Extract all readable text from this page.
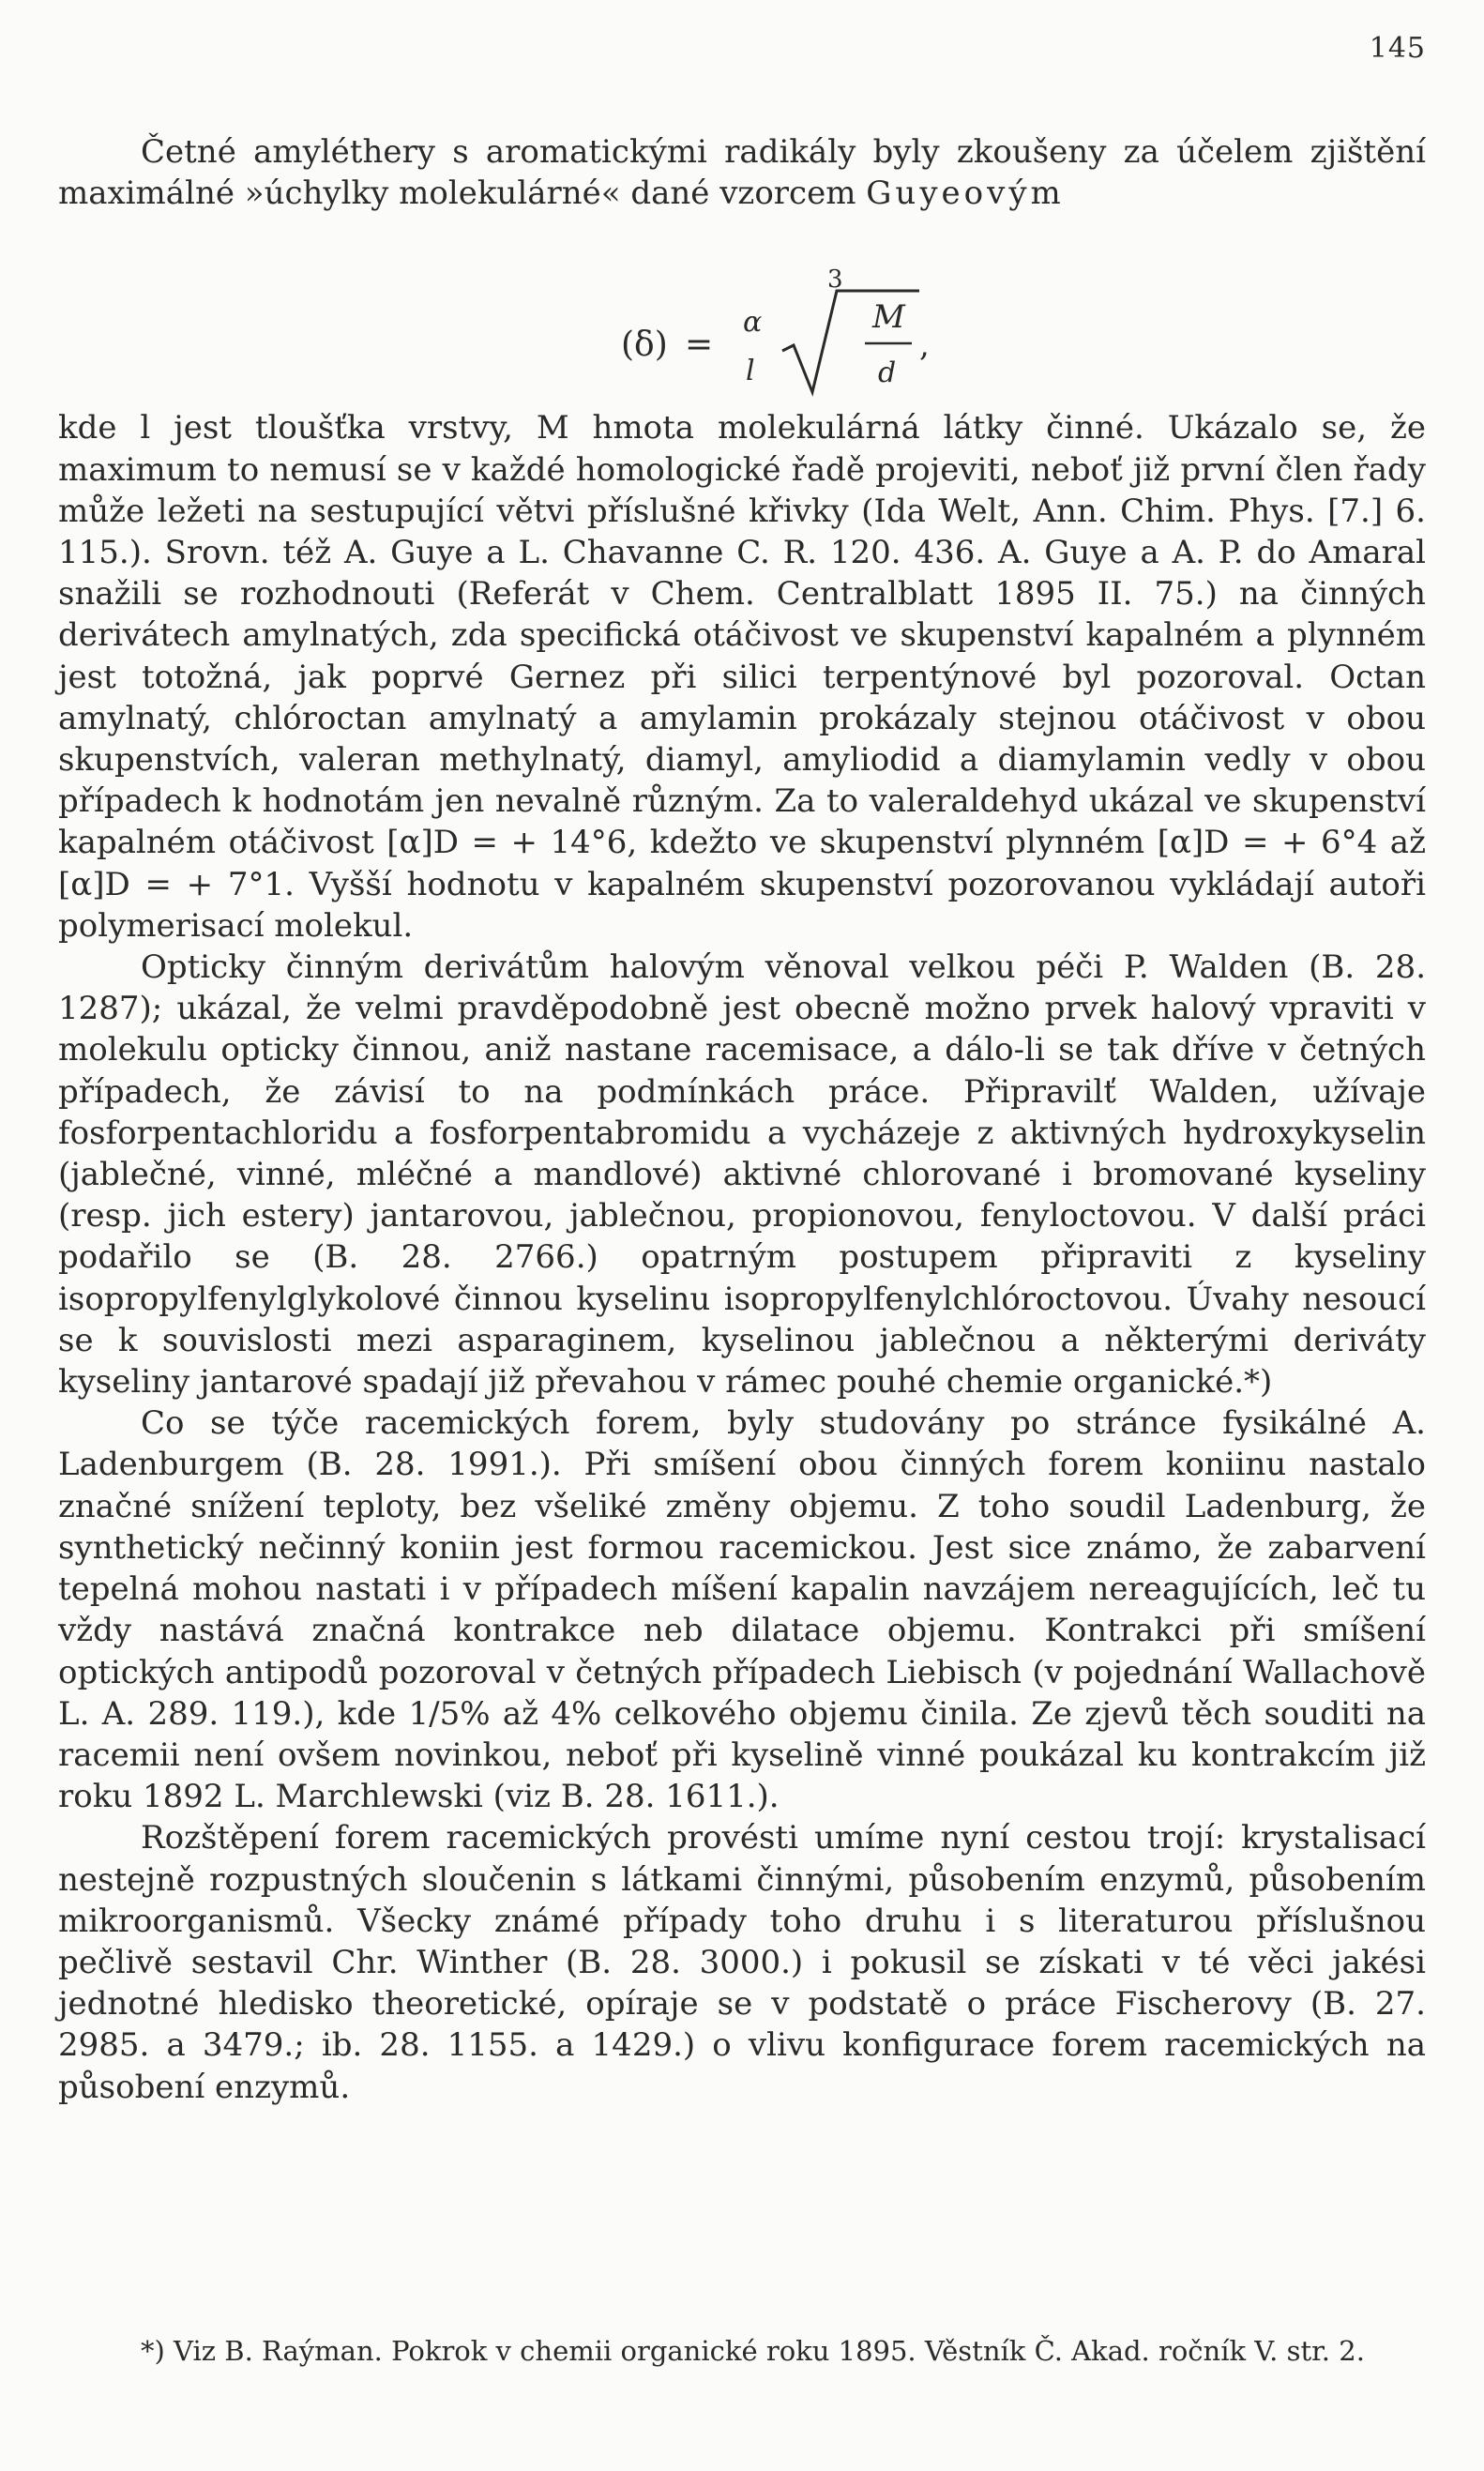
145

Četné amyléthery s aromatickými radikály byly zkoušeny za účelem zjištění maximálné »úchylky molekulárné« dané vzorcem Guyeovým

(δ) =
α
l
3
M
d
,

kde l jest tloušťka vrstvy, M hmota molekulárná látky činné. Ukázalo se, že maximum to nemusí se v každé homologické řadě projeviti, neboť již první člen řady může ležeti na sestupující větvi příslušné křivky (Ida Welt, Ann. Chim. Phys. [7.] 6. 115.). Srovn. též A. Guye a L. Chavanne C. R. 120. 436. A. Guye a A. P. do Amaral snažili se rozhodnouti (Referát v Chem. Centralblatt 1895 II. 75.) na činných derivátech amylnatých, zda specifická otáčivost ve skupenství kapalném a plynném jest totožná, jak poprvé Gernez při silici terpentýnové byl pozoroval. Octan amylnatý, chlóroctan amylnatý a amylamin prokázaly stejnou otáčivost v obou skupenstvích, valeran methylnatý, diamyl, amyliodid a diamylamin vedly v obou případech k hodnotám jen nevalně různým. Za to valeraldehyd ukázal ve skupenství kapalném otáčivost [α]D = + 14°6, kdežto ve skupenství plynném [α]D = + 6°4 až [α]D = + 7°1. Vyšší hodnotu v kapalném skupenství pozorovanou vykládají autoři polymerisací molekul.

Opticky činným derivátům halovým věnoval velkou péči P. Walden (B. 28. 1287); ukázal, že velmi pravděpodobně jest obecně možno prvek halový vpraviti v molekulu opticky činnou, aniž nastane racemisace, a dálo-li se tak dříve v četných případech, že závisí to na podmínkách práce. Připravilť Walden, užívaje fosforpentachloridu a fosforpentabromidu a vycházeje z aktivných hydroxykyselin (jablečné, vinné, mléčné a mandlové) aktivné chlorované i bromované kyseliny (resp. jich estery) jantarovou, jablečnou, propionovou, fenyloctovou. V další práci podařilo se (B. 28. 2766.) opatrným postupem připraviti z kyseliny isopropylfenylglykolové činnou kyselinu isopropylfenylchlóroctovou. Úvahy nesoucí se k souvislosti mezi asparaginem, kyselinou jablečnou a některými deriváty kyseliny jantarové spadají již převahou v rámec pouhé chemie organické.*)

Co se týče racemických forem, byly studovány po stránce fysikálné A. Ladenburgem (B. 28. 1991.). Při smíšení obou činných forem koniinu nastalo značné snížení teploty, bez všeliké změny objemu. Z toho soudil Ladenburg, že synthetický nečinný koniin jest formou racemickou. Jest sice známo, že zabarvení tepelná mohou nastati i v případech míšení kapalin navzájem nereagujících, leč tu vždy nastává značná kontrakce neb dilatace objemu. Kontrakci při smíšení optických antipodů pozoroval v četných případech Liebisch (v pojednání Wallachově L. A. 289. 119.), kde 1/5% až 4% celkového objemu činila. Ze zjevů těch souditi na racemii není ovšem novinkou, neboť při kyselině vinné poukázal ku kontrakcím již roku 1892 L. Marchlewski (viz B. 28. 1611.).

Rozštěpení forem racemických provésti umíme nyní cestou trojí: krystalisací nestejně rozpustných sloučenin s látkami činnými, působením enzymů, působením mikroorganismů. Všecky známé případy toho druhu i s literaturou příslušnou pečlivě sestavil Chr. Winther (B. 28. 3000.) i pokusil se získati v té věci jakési jednotné hledisko theoretické, opíraje se v podstatě o práce Fischerovy (B. 27. 2985. a 3479.; ib. 28. 1155. a 1429.) o vlivu konfigurace forem racemických na působení enzymů.

*) Viz B. Raýman. Pokrok v chemii organické roku 1895. Věstník Č. Akad. ročník V. str. 2.
